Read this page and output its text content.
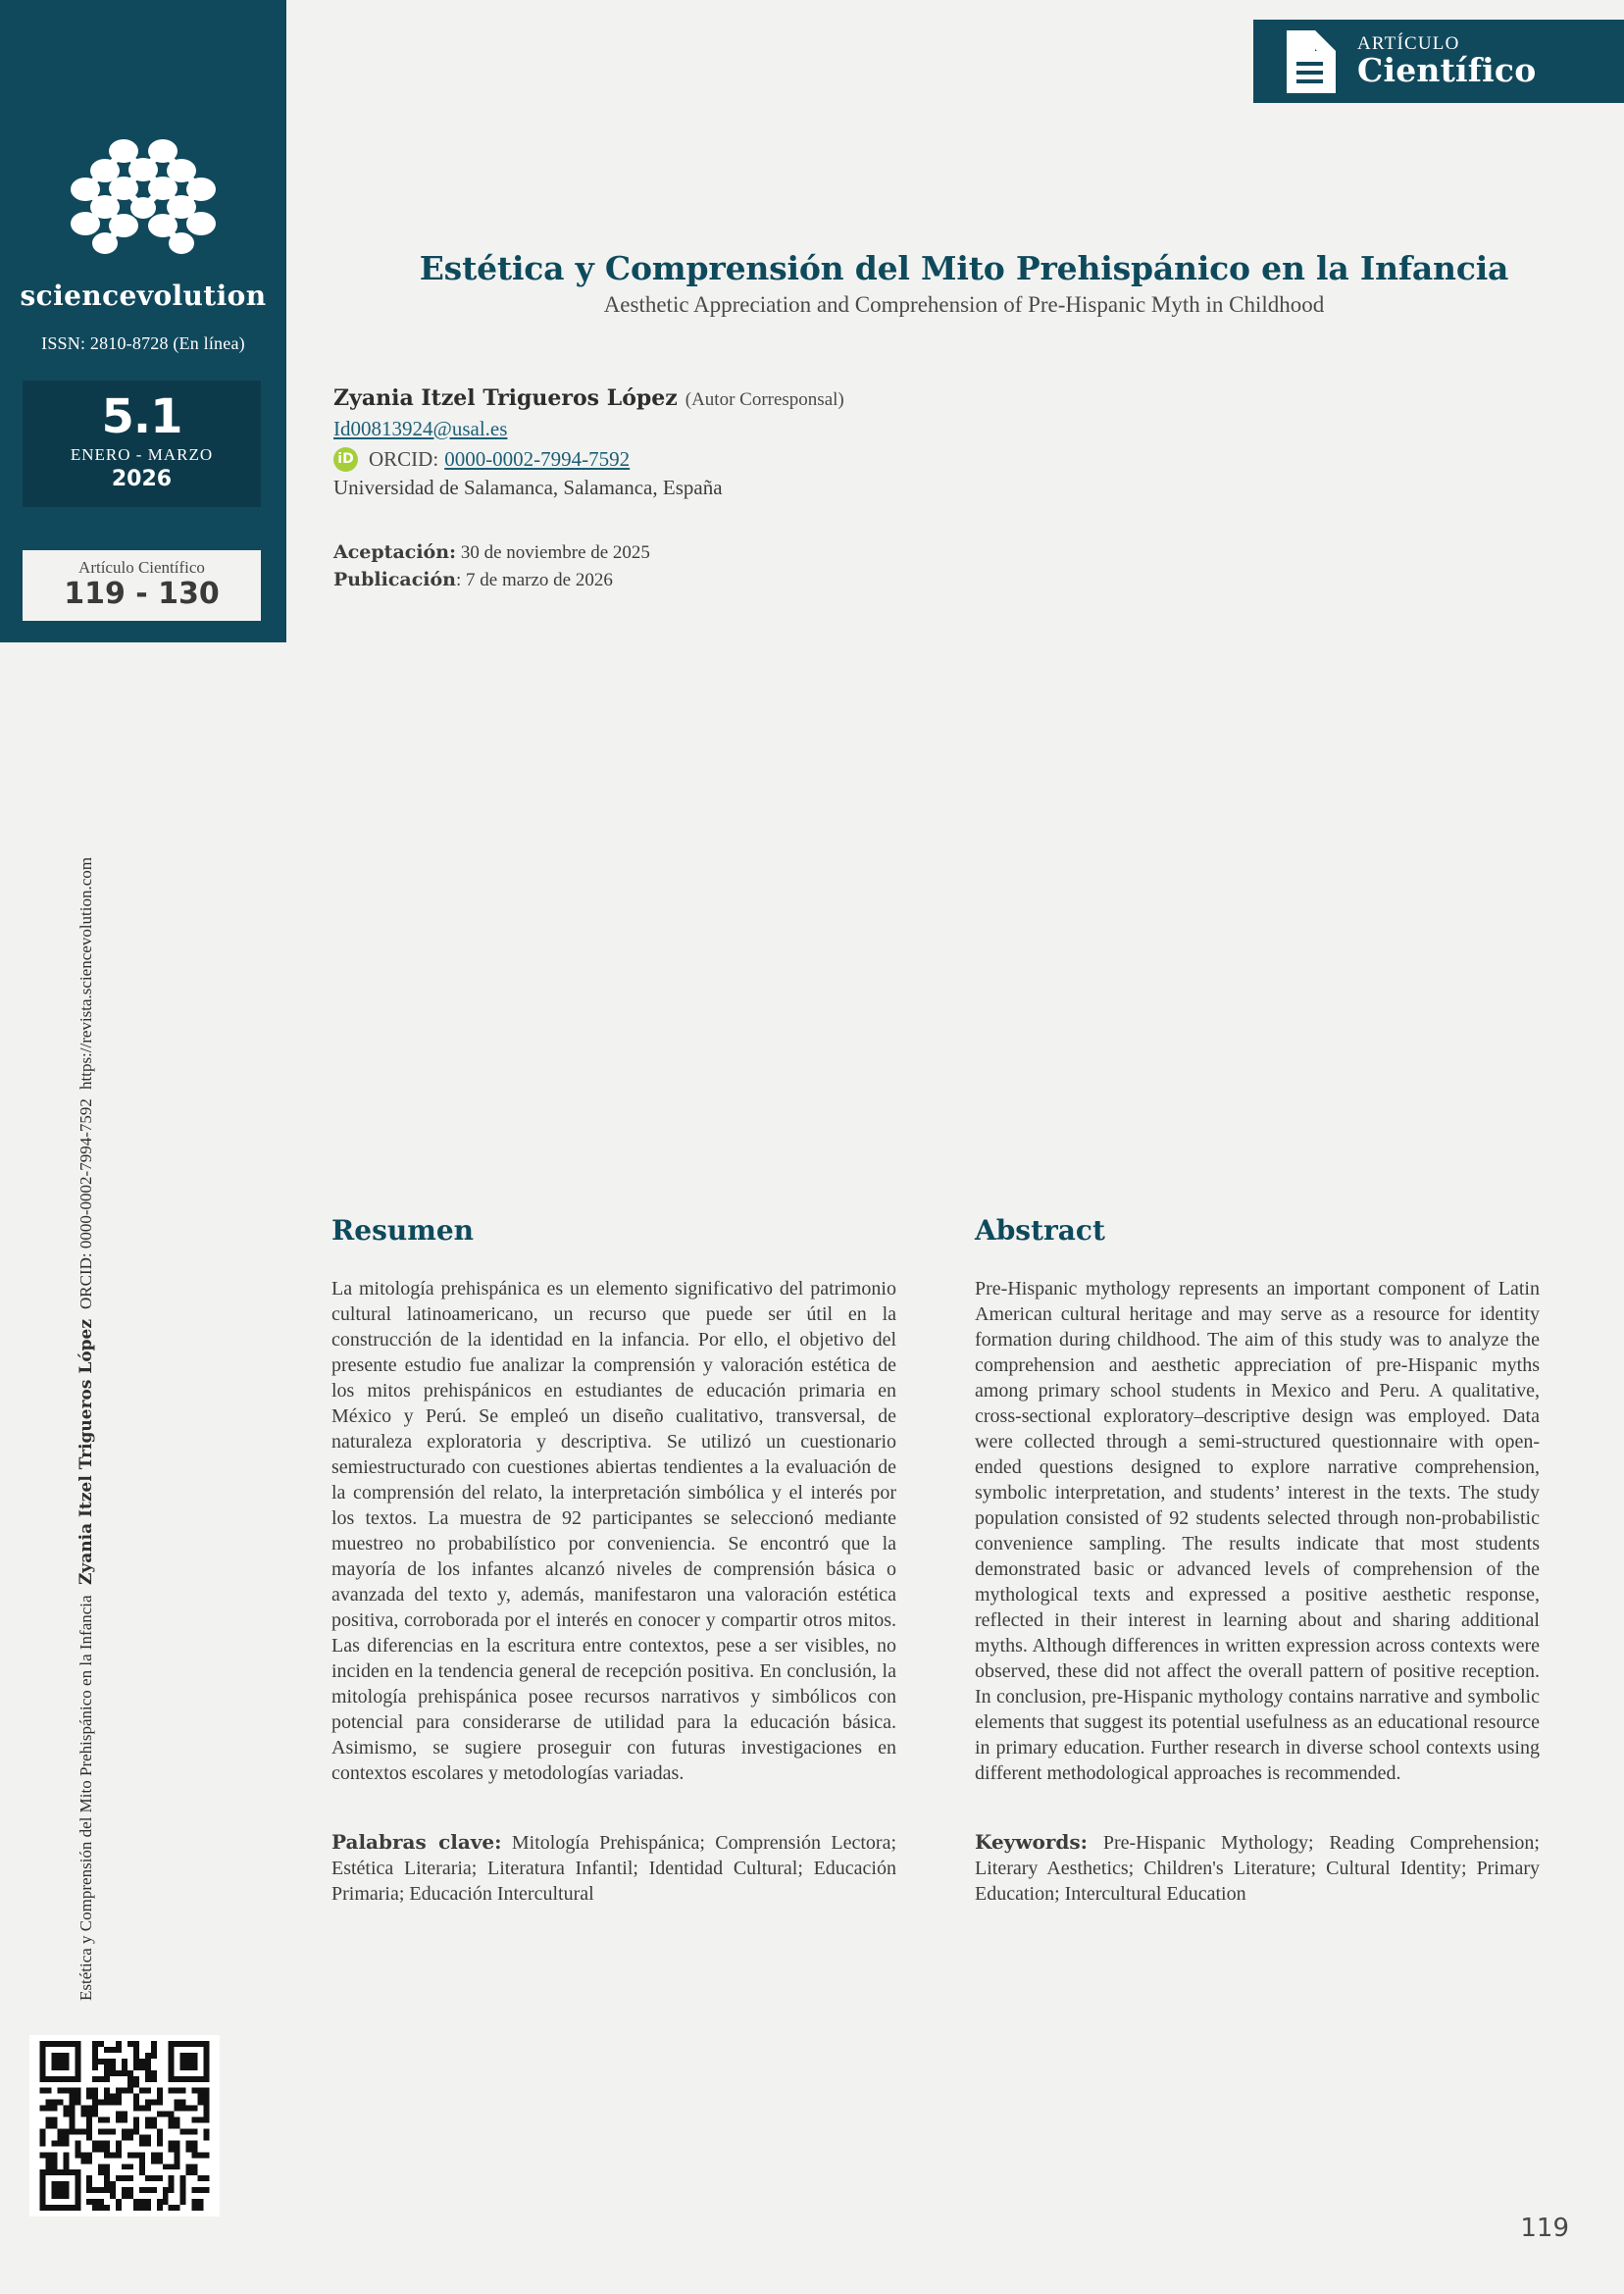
sciencevolution
ISSN: 2810-8728 (En línea)
5.1
ENERO - MARZO
2026
Artículo Científico
119 - 130
ARTÍCULO
Científico
Estética y Comprensión del Mito Prehispánico en la Infancia
Aesthetic Appreciation and Comprehension of Pre-Hispanic Myth in Childhood
Zyania Itzel Trigueros López (Autor Corresponsal)
Id00813924@usal.es
iD ORCID: 0000-0002-7994-7592
Universidad de Salamanca, Salamanca, España
Aceptación: 30 de noviembre de 2025
Publicación: 7 de marzo de 2026
Estética y Comprensión del Mito Prehispánico en la Infancia
Zyania Itzel Trigueros López
ORCID: 0000-0002-7994-7592
https://revista.sciencevolution.com
Resumen

La mitología prehispánica es un elemento significativo del patrimonio cultural latinoamericano, un recurso que puede ser útil en la construcción de la identidad en la infancia. Por ello, el objetivo del presente estudio fue analizar la comprensión y valoración estética de los mitos prehispánicos en estudiantes de educación primaria en México y Perú. Se empleó un diseño cualitativo, transversal, de naturaleza exploratoria y descriptiva. Se utilizó un cuestionario semiestructurado con cuestiones abiertas tendientes a la evaluación de la comprensión del relato, la interpretación simbólica y el interés por los textos. La muestra de 92 participantes se seleccionó mediante muestreo no probabilístico por conveniencia. Se encontró que la mayoría de los infantes alcanzó niveles de comprensión básica o avanzada del texto y, además, manifestaron una valoración estética positiva, corroborada por el interés en conocer y compartir otros mitos. Las diferencias en la escritura entre contextos, pese a ser visibles, no inciden en la tendencia general de recepción positiva. En conclusión, la mitología prehispánica posee recursos narrativos y simbólicos con potencial para considerarse de utilidad para la educación básica. Asimismo, se sugiere proseguir con futuras investigaciones en contextos escolares y metodologías variadas.

Palabras clave: Mitología Prehispánica; Comprensión Lectora; Estética Literaria; Literatura Infantil; Identidad Cultural; Educación Primaria; Educación Intercultural

Abstract

Pre-Hispanic mythology represents an important component of Latin American cultural heritage and may serve as a resource for identity formation during childhood. The aim of this study was to analyze the comprehension and aesthetic appreciation of pre-Hispanic myths among primary school students in Mexico and Peru. A qualitative, cross-sectional exploratory–descriptive design was employed. Data were collected through a semi-structured questionnaire with open-ended questions designed to explore narrative comprehension, symbolic interpretation, and students’ interest in the texts. The study population consisted of 92 students selected through non-probabilistic convenience sampling. The results indicate that most students demonstrated basic or advanced levels of comprehension of the mythological texts and expressed a positive aesthetic response, reflected in their interest in learning about and sharing additional myths. Although differences in written expression across contexts were observed, these did not affect the overall pattern of positive reception. In conclusion, pre-Hispanic mythology contains narrative and symbolic elements that suggest its potential usefulness as an educational resource in primary education. Further research in diverse school contexts using different methodological approaches is recommended.

Keywords: Pre-Hispanic Mythology; Reading Comprehension; Literary Aesthetics; Children's Literature; Cultural Identity; Primary Education; Intercultural Education

119
